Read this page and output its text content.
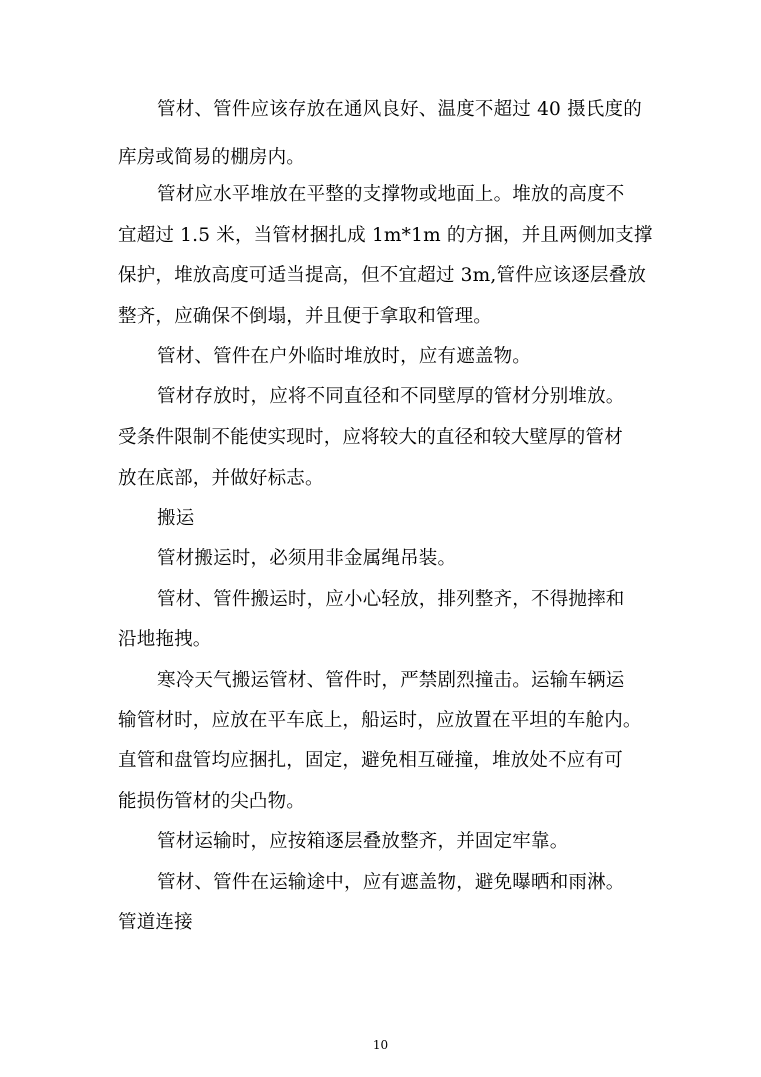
管材、管件应该存放在通风良好、温度不超过 40 摄氏度的
库房或简易的棚房内。
管材应水平堆放在平整的支撑物或地面上。堆放的高度不
宜超过 1.5 米，当管材捆扎成 1m*1m 的方捆，并且两侧加支撑
保护，堆放高度可适当提高，但不宜超过 3m,管件应该逐层叠放
整齐，应确保不倒塌，并且便于拿取和管理。
管材、管件在户外临时堆放时，应有遮盖物。
管材存放时，应将不同直径和不同壁厚的管材分别堆放。
受条件限制不能使实现时，应将较大的直径和较大壁厚的管材
放在底部，并做好标志。
搬运
管材搬运时，必须用非金属绳吊装。
管材、管件搬运时，应小心轻放，排列整齐，不得抛摔和
沿地拖拽。
寒冷天气搬运管材、管件时，严禁剧烈撞击。运输车辆运
输管材时，应放在平车底上，船运时，应放置在平坦的车舱内。
直管和盘管均应捆扎，固定，避免相互碰撞，堆放处不应有可
能损伤管材的尖凸物。
管材运输时，应按箱逐层叠放整齐，并固定牢靠。
管材、管件在运输途中，应有遮盖物，避免曝晒和雨淋。
管道连接
10
